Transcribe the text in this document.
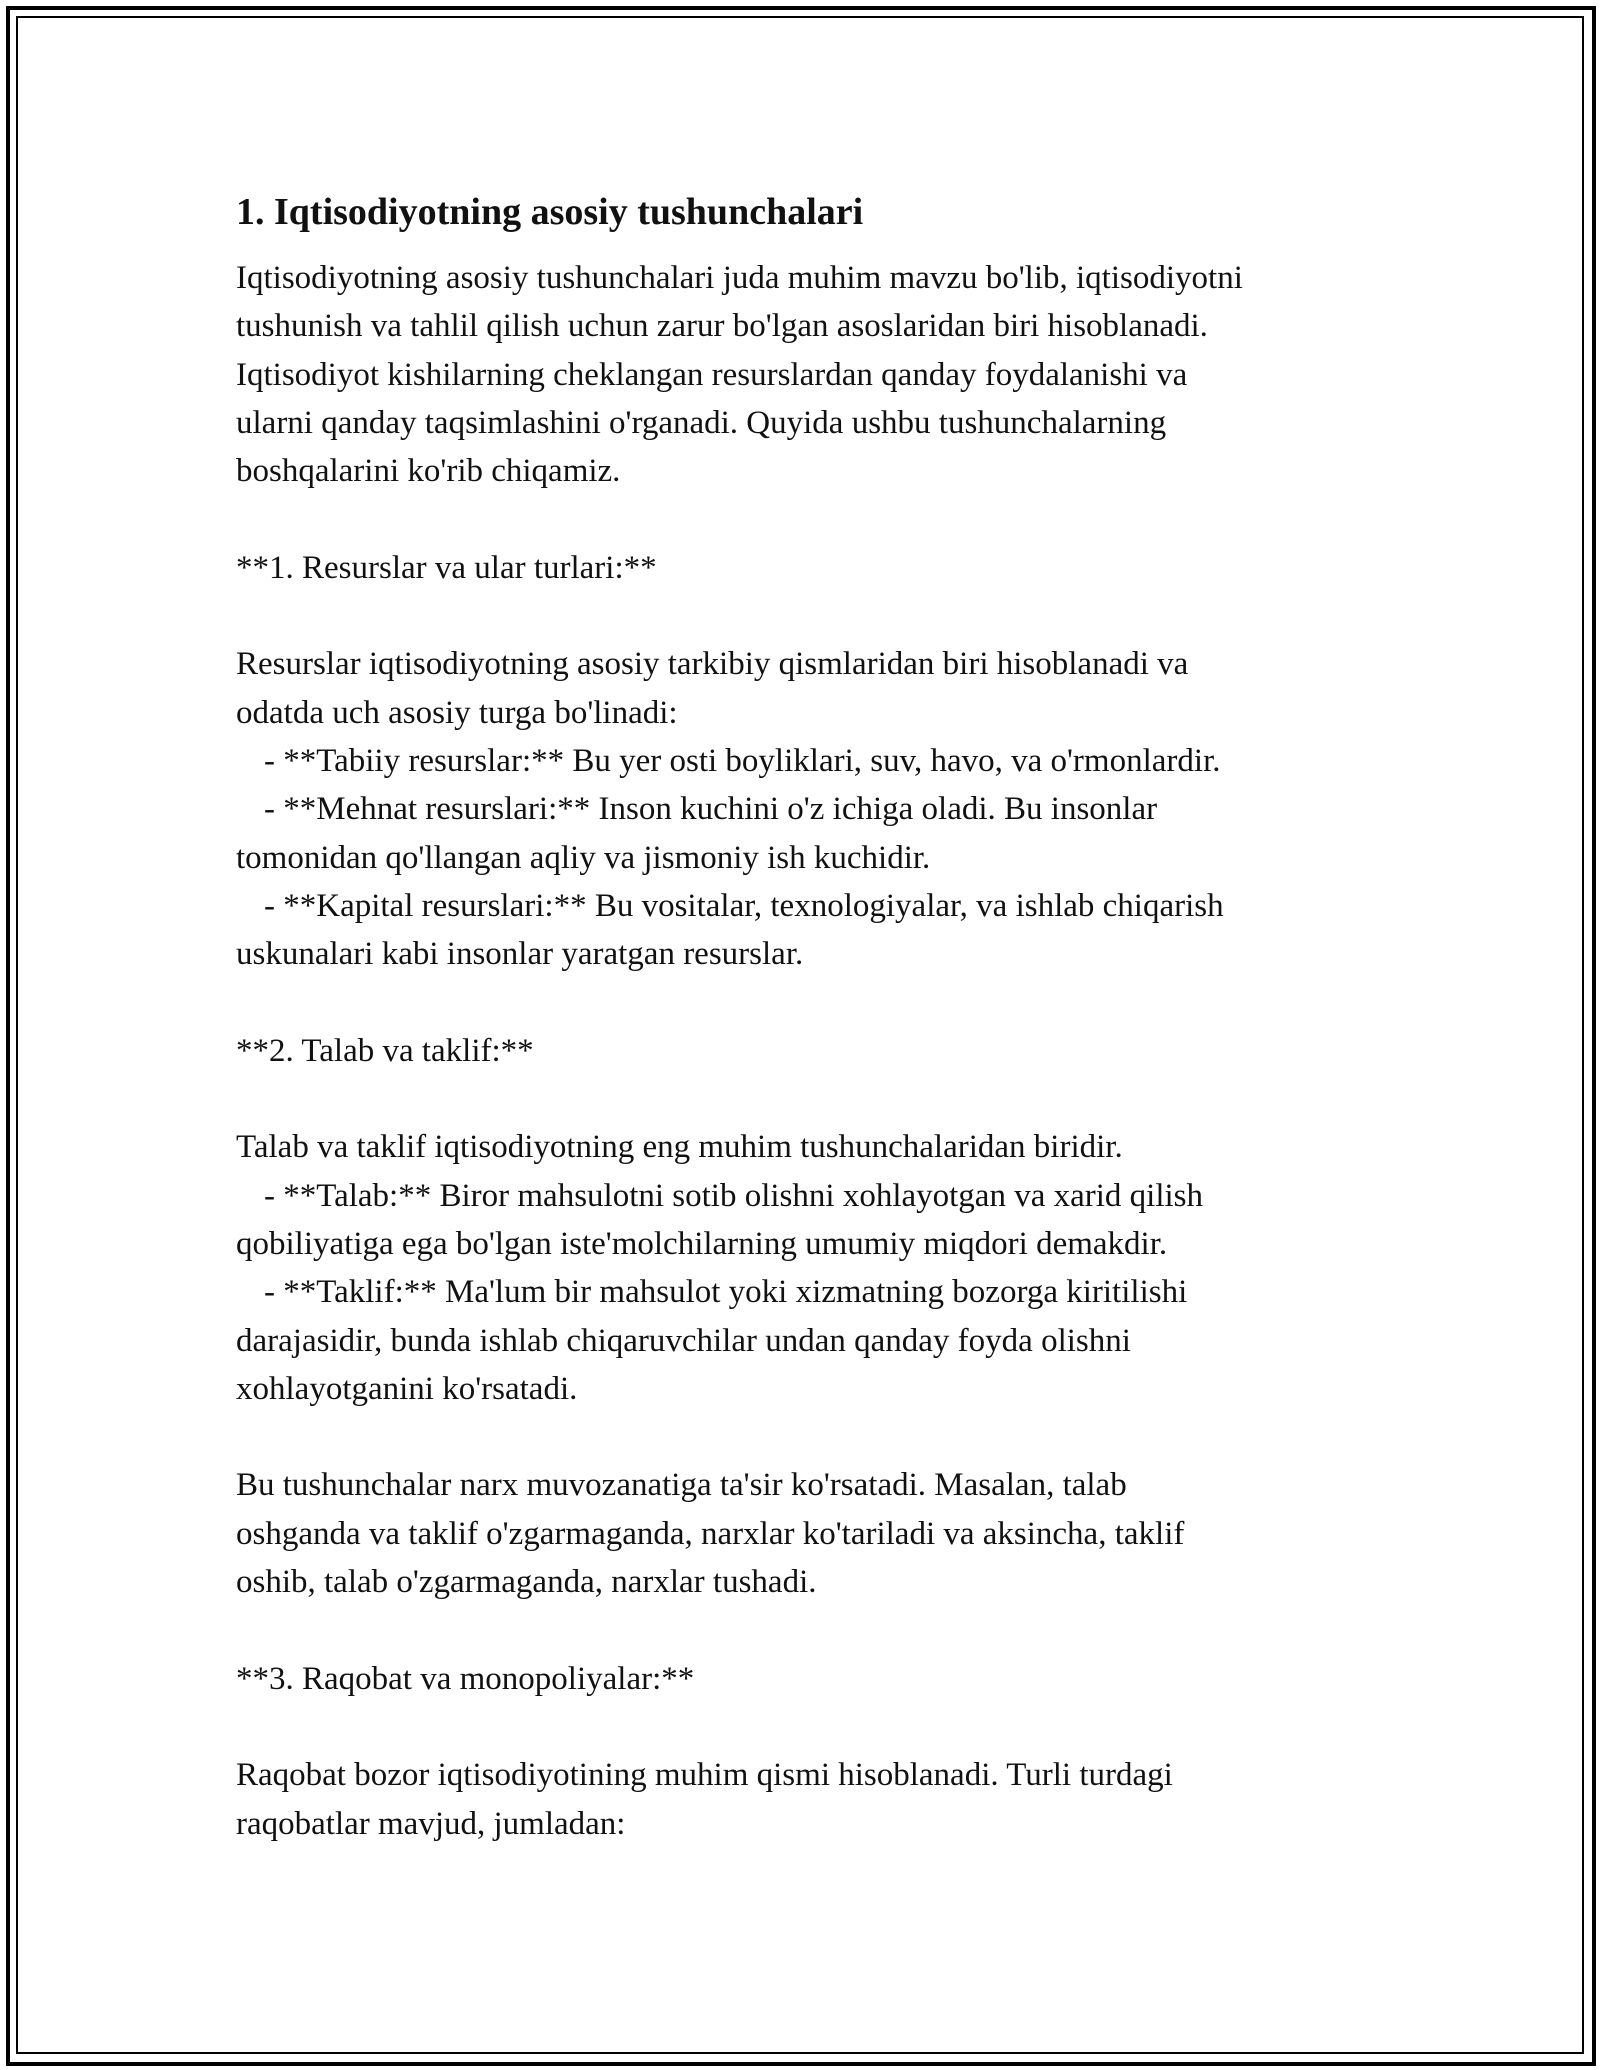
1. Iqtisodiyotning asosiy tushunchalari

Iqtisodiyotning asosiy tushunchalari juda muhim mavzu bo'lib, iqtisodiyotni

tushunish va tahlil qilish uchun zarur bo'lgan asoslaridan biri hisoblanadi.

Iqtisodiyot kishilarning cheklangan resurslardan qanday foydalanishi va

ularni qanday taqsimlashini o'rganadi. Quyida ushbu tushunchalarning

boshqalarini ko'rib chiqamiz.

**1. Resurslar va ular turlari:**

Resurslar iqtisodiyotning asosiy tarkibiy qismlaridan biri hisoblanadi va

odatda uch asosiy turga bo'linadi:

- **Tabiiy resurslar:** Bu yer osti boyliklari, suv, havo, va o'rmonlardir.

- **Mehnat resurslari:** Inson kuchini o'z ichiga oladi. Bu insonlar

tomonidan qo'llangan aqliy va jismoniy ish kuchidir.

- **Kapital resurslari:** Bu vositalar, texnologiyalar, va ishlab chiqarish

uskunalari kabi insonlar yaratgan resurslar.

**2. Talab va taklif:**

Talab va taklif iqtisodiyotning eng muhim tushunchalaridan biridir.

- **Talab:** Biror mahsulotni sotib olishni xohlayotgan va xarid qilish

qobiliyatiga ega bo'lgan iste'molchilarning umumiy miqdori demakdir.

- **Taklif:** Ma'lum bir mahsulot yoki xizmatning bozorga kiritilishi

darajasidir, bunda ishlab chiqaruvchilar undan qanday foyda olishni

xohlayotganini ko'rsatadi.

Bu tushunchalar narx muvozanatiga ta'sir ko'rsatadi. Masalan, talab

oshganda va taklif o'zgarmaganda, narxlar ko'tariladi va aksincha, taklif

oshib, talab o'zgarmaganda, narxlar tushadi.

**3. Raqobat va monopoliyalar:**

Raqobat bozor iqtisodiyotining muhim qismi hisoblanadi. Turli turdagi

raqobatlar mavjud, jumladan:
